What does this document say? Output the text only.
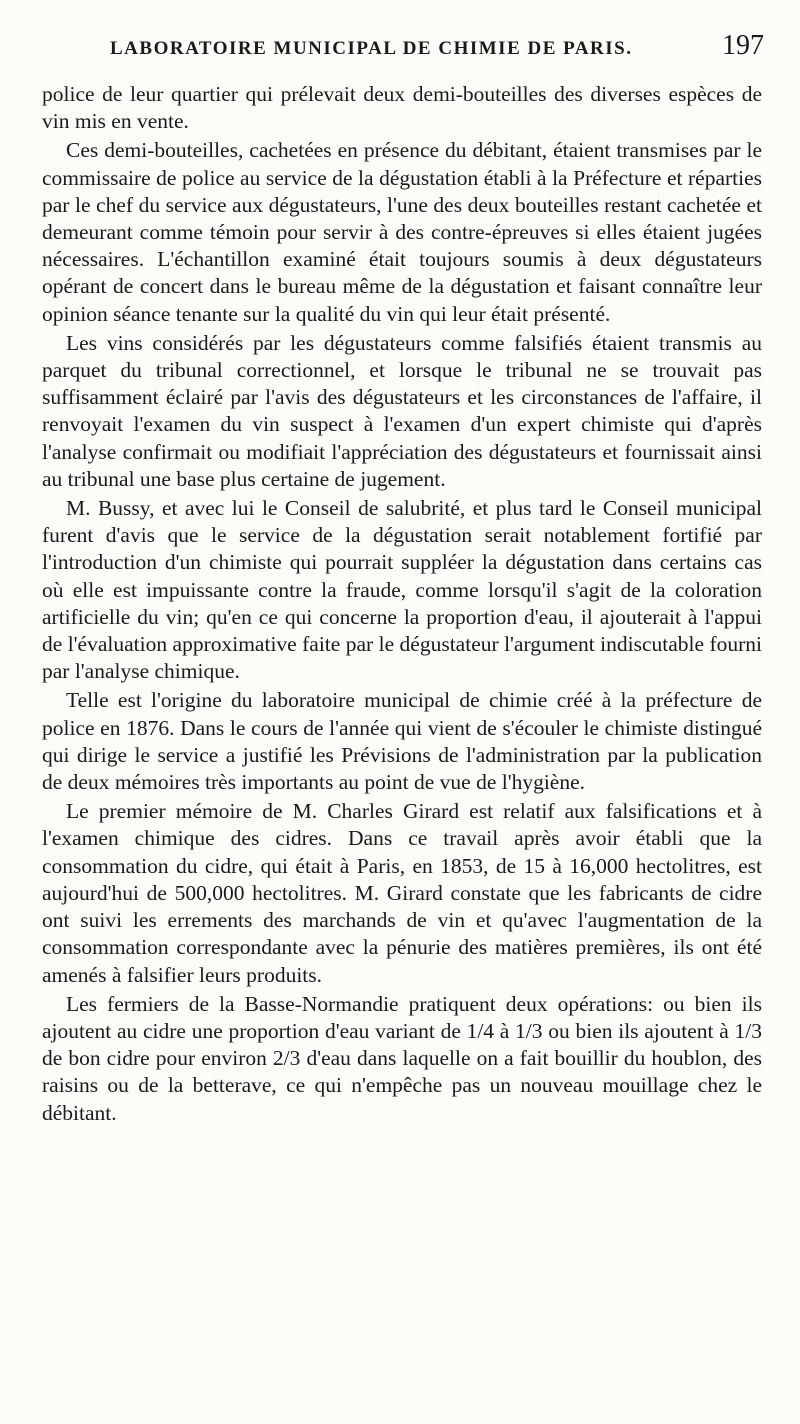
LABORATOIRE MUNICIPAL DE CHIMIE DE PARIS.	197

police de leur quartier qui prélevait deux demi-bouteilles des diverses espèces de vin mis en vente.

Ces demi-bouteilles, cachetées en présence du débitant, étaient transmises par le commissaire de police au service de la dégustation établi à la Préfecture et réparties par le chef du service aux dégustateurs, l'une des deux bouteilles restant cachetée et demeurant comme témoin pour servir à des contre-épreuves si elles étaient jugées nécessaires. L'échantillon examiné était toujours soumis à deux dégustateurs opérant de concert dans le bureau même de la dégustation et faisant connaître leur opinion séance tenante sur la qualité du vin qui leur était présenté.

Les vins considérés par les dégustateurs comme falsifiés étaient transmis au parquet du tribunal correctionnel, et lorsque le tribunal ne se trouvait pas suffisamment éclairé par l'avis des dégustateurs et les circonstances de l'affaire, il renvoyait l'examen du vin suspect à l'examen d'un expert chimiste qui d'après l'analyse confirmait ou modifiait l'appréciation des dégustateurs et fournissait ainsi au tribunal une base plus certaine de jugement.

M. Bussy, et avec lui le Conseil de salubrité, et plus tard le Conseil municipal furent d'avis que le service de la dégustation serait notablement fortifié par l'introduction d'un chimiste qui pourrait suppléer la dégustation dans certains cas où elle est impuissante contre la fraude, comme lorsqu'il s'agit de la coloration artificielle du vin; qu'en ce qui concerne la proportion d'eau, il ajouterait à l'appui de l'évaluation approximative faite par le dégustateur l'argument indiscutable fourni par l'analyse chimique.

Telle est l'origine du laboratoire municipal de chimie créé à la préfecture de police en 1876. Dans le cours de l'année qui vient de s'écouler le chimiste distingué qui dirige le service a justifié les Prévisions de l'administration par la publication de deux mémoires très importants au point de vue de l'hygiène.

Le premier mémoire de M. Charles Girard est relatif aux falsifications et à l'examen chimique des cidres. Dans ce travail après avoir établi que la consommation du cidre, qui était à Paris, en 1853, de 15 à 16,000 hectolitres, est aujourd'hui de 500,000 hectolitres. M. Girard constate que les fabricants de cidre ont suivi les errements des marchands de vin et qu'avec l'augmentation de la consommation correspondante avec la pénurie des matières premières, ils ont été amenés à falsifier leurs produits.

Les fermiers de la Basse-Normandie pratiquent deux opérations: ou bien ils ajoutent au cidre une proportion d'eau variant de 1/4 à 1/3 ou bien ils ajoutent à 1/3 de bon cidre pour environ 2/3 d'eau dans laquelle on a fait bouillir du houblon, des raisins ou de la betterave, ce qui n'empêche pas un nouveau mouillage chez le débitant.
